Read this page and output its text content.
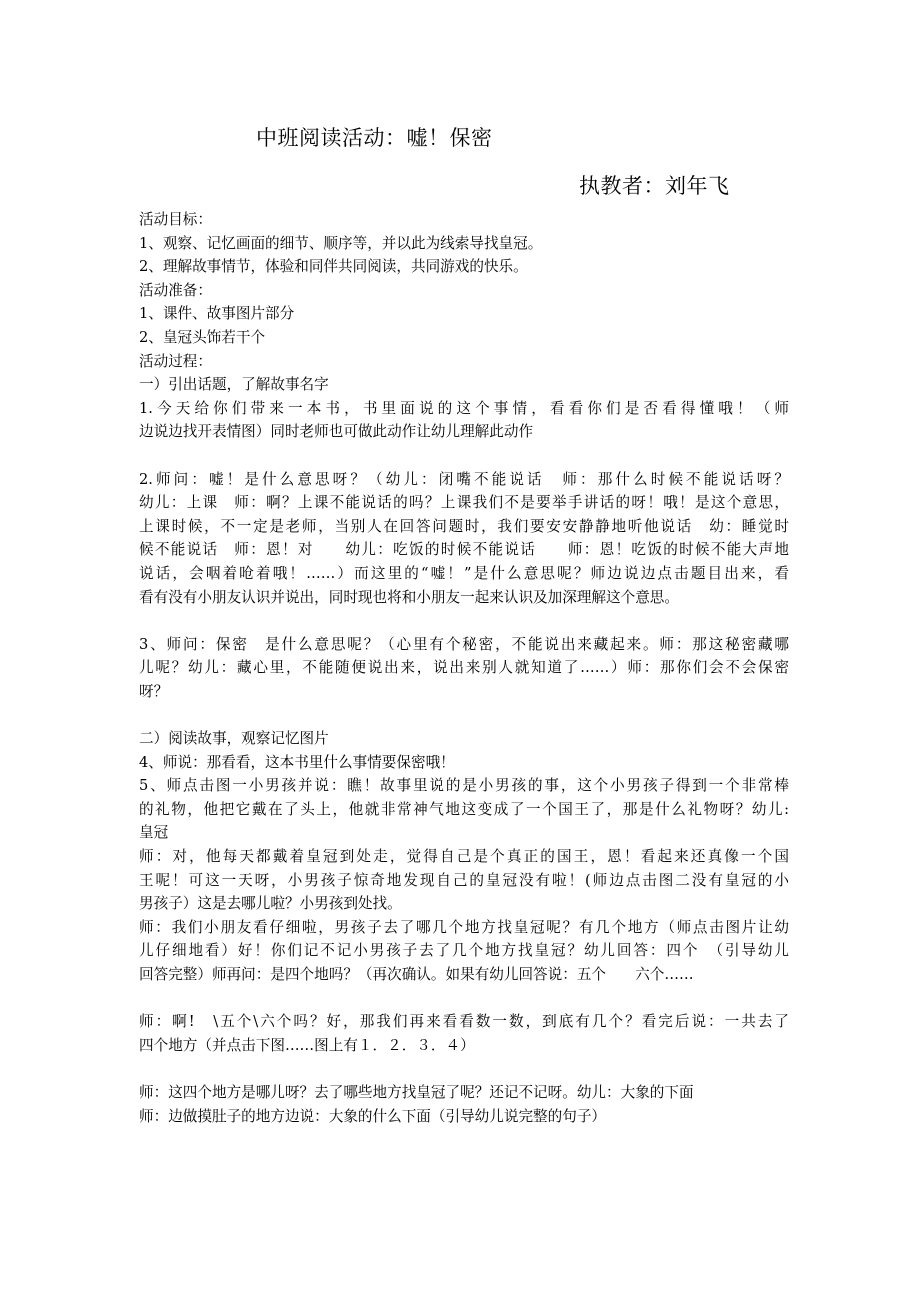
中班阅读活动：嘘！保密
执教者：刘年飞
活动目标：
1、观察、记忆画面的细节、顺序等，并以此为线索导找皇冠。
2、理解故事情节，体验和同伴共同阅读，共同游戏的快乐。
活动准备：
1、课件、故事图片部分
2、皇冠头饰若干个
活动过程：
一）引出话题，了解故事名字
1.今天给你们带来一本书，书里面说的这个事情，看看你们是否看得懂哦！（师
边说边找开表情图）同时老师也可做此动作让幼儿理解此动作
2.师问：嘘！是什么意思呀？（幼儿：闭嘴不能说话　师：那什么时候不能说话呀？
幼儿：上课　师：啊？上课不能说话的吗？上课我们不是要举手讲话的呀！哦！是这个意思，
上课时候，不一定是老师，当别人在回答问题时，我们要安安静静地听他说话　幼：睡觉时
候不能说话　师：恩！对　　幼儿：吃饭的时候不能说话　　师：恩！吃饭的时候不能大声地
说话，会咽着呛着哦！……）而这里的“嘘！”是什么意思呢？师边说边点击题目出来，看
看有没有小朋友认识并说出，同时现也将和小朋友一起来认识及加深理解这个意思。
3、师问：保密　是什么意思呢？（心里有个秘密，不能说出来藏起来。师：那这秘密藏哪
儿呢？幼儿：藏心里，不能随便说出来，说出来别人就知道了……）师：那你们会不会保密
呀？
二）阅读故事，观察记忆图片
4、师说：那看看，这本书里什么事情要保密哦！
5、师点击图一小男孩并说：瞧！故事里说的是小男孩的事，这个小男孩子得到一个非常棒
的礼物，他把它戴在了头上，他就非常神气地这变成了一个国王了，那是什么礼物呀？幼儿:
皇冠
师：对，他每天都戴着皇冠到处走，觉得自己是个真正的国王，恩！看起来还真像一个国
王呢！可这一天呀，小男孩子惊奇地发现自己的皇冠没有啦！(师边点击图二没有皇冠的小
男孩子）这是去哪儿啦？小男孩到处找。
师：我们小朋友看仔细啦，男孩子去了哪几个地方找皇冠呢？有几个地方（师点击图片让幼
儿仔细地看）好！你们记不记小男孩子去了几个地方找皇冠？幼儿回答：四个　（引导幼儿
回答完整）师再问：是四个地吗？（再次确认。如果有幼儿回答说：五个　　六个……
师：啊!　\五个\六个吗？好，那我们再来看看数一数，到底有几个？看完后说：一共去了
四个地方（并点击下图……图上有１．２．３．４）
师：这四个地方是哪儿呀？去了哪些地方找皇冠了呢？还记不记呀。幼儿：大象的下面
师：边做摸肚子的地方边说：大象的什么下面（引导幼儿说完整的句子）
